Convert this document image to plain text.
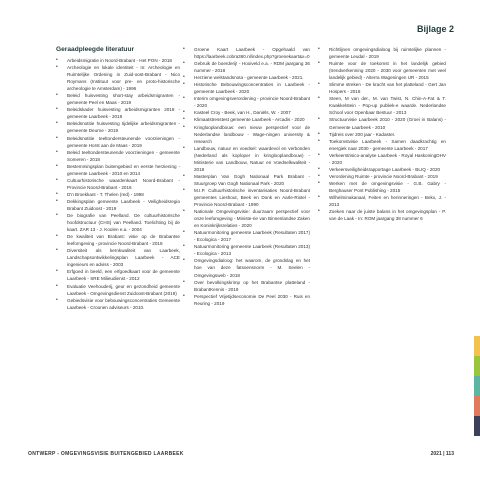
Bijlage 2
Geraadpleegde literatuur
• Arbeidsmigratie in Noord-Brabant - Het PON - 2018
• Archeologie en lokale identiteit - In: Archeologie en Ruimtelijke Ordening in Zuid-oost-Brabant - Nico Roymans (Instituut voor pre- en proto-historische archeologie te Amsterdam) - 1996
• Beleid huisvesting short-stay arbeidsmigranten - gemeente Peel en Maas - 2019
• Beleidskader huisvesting arbeidsmigranten 2018 - gemeente Laarbeek - 2018
• Beleidsnotitie huisvesting tijdelijke arbeidsmigranten - gemeente Deurne - 2019
• Beleidsnotitie teeltondersteunende voorzieningen - gemeente Horst aan de Maas - 2019
• Beleid teeltondersteunende voorzieningen - gemeente Someren - 2018
• Bestemmingsplan buitengebied en eerste herziening - gemeente Laarbeek - 2010 en 2014
• Cultuurhistorische waardenkaart Noord-Brabant - Provincie Noord-Brabant - 2016
• D'n Broekkant - T. Thelen (red) - 1998
• Dekkingsplan gemeente Laarbeek - Veiligheidsregio Brabant Zuidoost - 2019
• De biografie van Peelland. De cultuurhistorische hoofdstructuur (CHS) van Peelland. Toelichting bij de kaart. ZAR 13 - J. Koolen e.a. - 2004
• De kwaliteit van Brabant: visie op de Brabantse leefomgeving - provincie Noord-Brabant - 2018
• Diversiteit als kernkwaliteit van Laarbeek, Landschapsontwikkelingsplan Laarbeek - ACE ingenieurs en adviss - 2003
• Erfgoed in beeld, een erfgoedkaart voor de gemeente Laarbeek - SRE Milieudienst - 2012
• Evaluatie Veehouderij, geur en gezondheid gemeente Laarbeek - Omgevingsdienst Zuidoost-Brabant (2019)
• Gebiedsvisie voor bebouwingsconcentraties Gemeente Laarbeek - Croonen adviseurs - 2010.
• Groene Kaart Laarbeek - Opgehaald van https://laarbeek.cobra360.nl/index.php?groenekaart&x=0
• Gebruik de boerderij! - Hooiveld e.a. - RDM jaargang 36 nummer - 2018
• Herziene welstandsnota - gemeente Laarbeek - 2021.
• Historische Bebouwingsconcentraties in Laarbeek - gemeente Laarbeek - 2020
• Interim omgevingsverordening - provincie Noord-Brabant - 2020
• Kasteel Croy - Beek, van H., Daniëls, W. - 2007
• Klimaatstresstest gemeente Laarbeek - Arcadis - 2020
• Kringlooplandbouw: een nieuw perspectief voor de Nederlandse landbouw - Wage-ningen university & research
• Landbouw, natuur en voedsel: waardevol en verbonden (Nederland als koploper in kringlooplandbouw) - Ministerie van Landbouw, Natuur en Voedselkwaliteit - 2018
• Masterplan Van Gogh Nationaal Park Brabant - Stuurgroep Van Gogh Nationaal Park - 2020
• M.I.P. Cultuurhistorische inventarisaties Noord-Brabant gemeentes Lieshout, Beek en Donk en Aarle-Rixtel - Provincie Noord-Brabant - 1990
• Nationale Omgevingsvisie: duurzaam perspectief voor onze leefomgeving - Ministe-rie van Binnenlandse Zaken en Koninkrijksrelaties - 2020
• Natuurmonitoring gemeente Laarbeek (Resultaten 2017) - Ecologica - 2017
• Natuurmonitoring gemeente Laarbeek (Resultaten 2013) - Ecologica - 2013
• Omgevingsdialoog: het waarom, de grondslag en het hoe van deze fatsoensnorm - M. Seelen - Omgevingsweb - 2018
• Over bevolkingskrimp op het Brabantse platteland - BrabantKennis - 2019
• Perspectief Vrijetijdseconomie De Peel 2030 - Ruis en Reuring - 2019
• Richtlijnen omgevingsdialoog bij ruimtelijke plannen - gemeente Leudal - 2019
• Ruimte voor de toekomst in het landelijk gebied (trendverkenning 2020 - 2030 voor gemeenten met veel landelijk gebied) - Alterra Wageningen UR - 2015
• Slimme streken - De kracht van het platteland - Gert Jan Hospers - 2018
• Steen, M van der., M. van Twist, N. Chin-A-Fat & T. Kwakkelstein - Pop-up publiek-e waarde. Nederlandse School voor Openbaar Bestuur - 2013
• Structuurvisie Laarbeek 2010 - 2020 (Groei in Balans) - Gemeente Laarbeek - 2010
• Tijdreis over 200 jaar - Kadaster.
• Toekomstvisie Laarbeek - Samen daadkrachtig en energiek naar 2030 - gemeente Laarbeek - 2017
• Verkeerstrisico-analyse Laarbeek - Royal HaskoningDHV - 2020
• Verkeersveiligheidsrapportage Laarbeek - BLIQ - 2020
• Verordening Ruimte - provincie Noord-Brabant - 2019
• Werken met de omgevingsvisie - G.B. Gabry - Berghauser Pont Publishing - 2015
• Wilhelminakanaal, Feiten en herinneringen - Bekx, J. - 2013
• Zoeken naar de juiste balans in het omgevingsplan - P. van de Laak - In: ROM jaargang 38 nummer 6
ONTWERP - OMGEVINGSVISIE BUITENGEBIED LAARBEEK	2021 | 113
